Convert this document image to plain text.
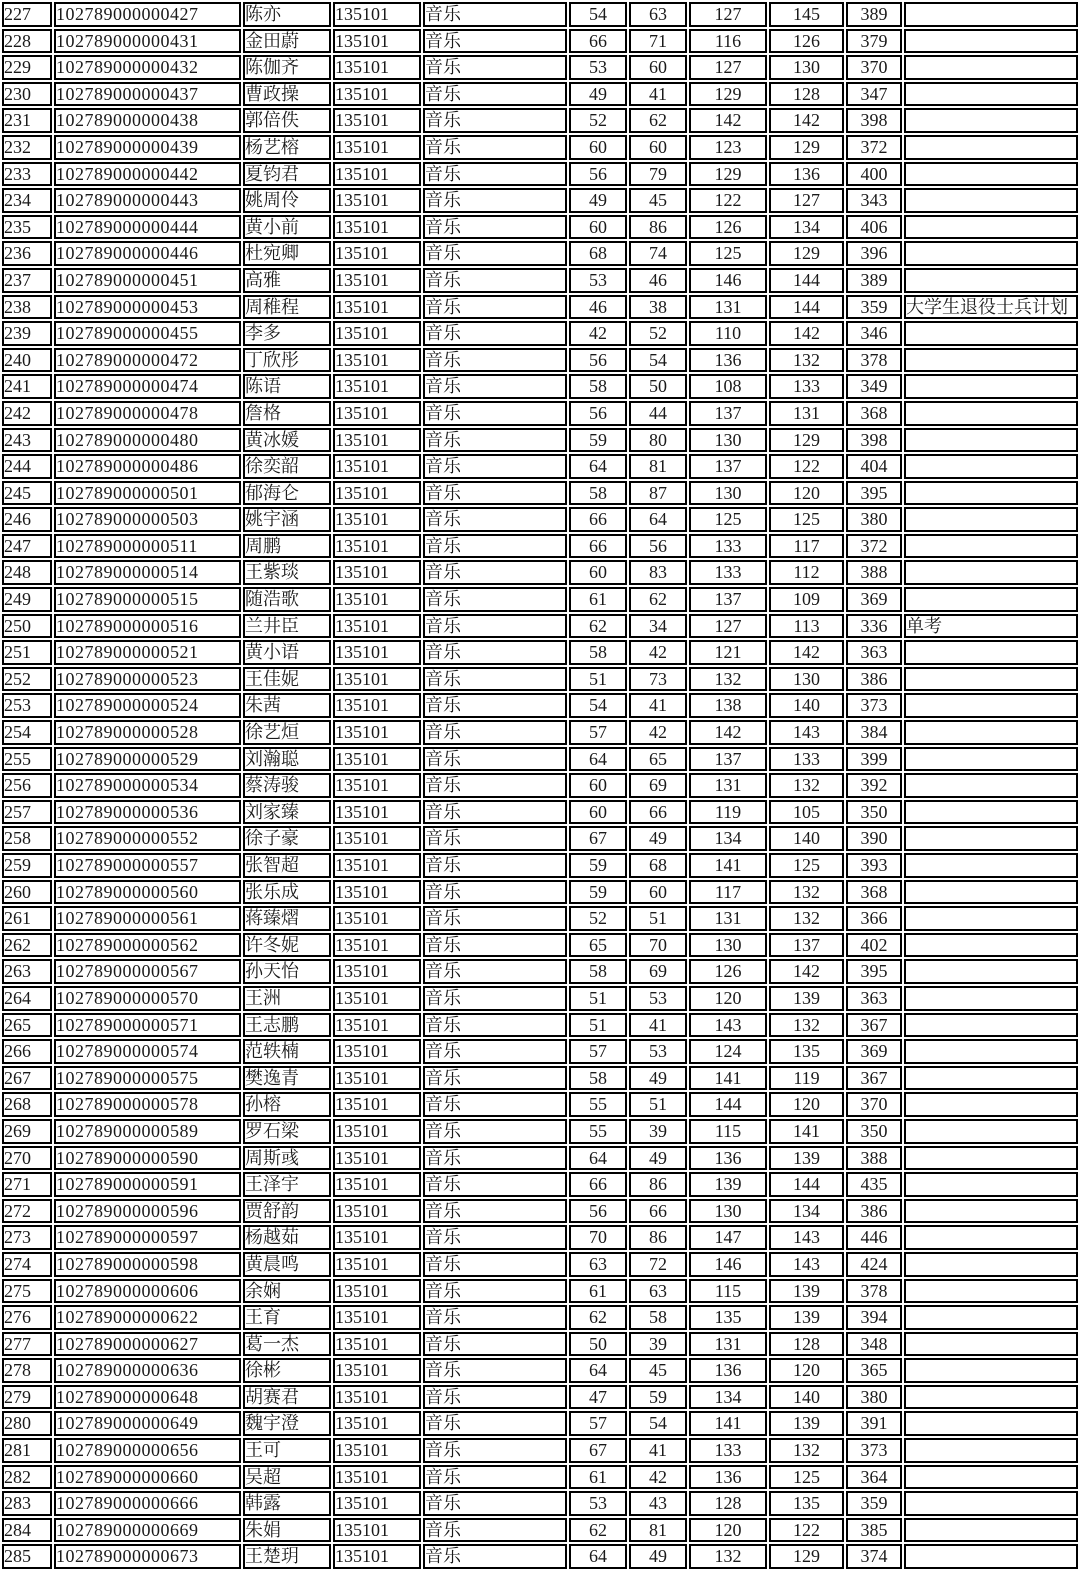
227	102789000000427	陈亦	135101	音乐	54	63	127	145	389	
228	102789000000431	金田蔚	135101	音乐	66	71	116	126	379	
229	102789000000432	陈伽齐	135101	音乐	53	60	127	130	370	
230	102789000000437	曹政操	135101	音乐	49	41	129	128	347	
231	102789000000438	郭倍佚	135101	音乐	52	62	142	142	398	
232	102789000000439	杨艺榕	135101	音乐	60	60	123	129	372	
233	102789000000442	夏钧君	135101	音乐	56	79	129	136	400	
234	102789000000443	姚周伶	135101	音乐	49	45	122	127	343	
235	102789000000444	黄小前	135101	音乐	60	86	126	134	406	
236	102789000000446	杜宛卿	135101	音乐	68	74	125	129	396	
237	102789000000451	高雅	135101	音乐	53	46	146	144	389	
238	102789000000453	周稚程	135101	音乐	46	38	131	144	359	大学生退役士兵计划
239	102789000000455	李多	135101	音乐	42	52	110	142	346	
240	102789000000472	丁欣彤	135101	音乐	56	54	136	132	378	
241	102789000000474	陈语	135101	音乐	58	50	108	133	349	
242	102789000000478	詹格	135101	音乐	56	44	137	131	368	
243	102789000000480	黄冰媛	135101	音乐	59	80	130	129	398	
244	102789000000486	徐奕韶	135101	音乐	64	81	137	122	404	
245	102789000000501	郁海仑	135101	音乐	58	87	130	120	395	
246	102789000000503	姚宇涵	135101	音乐	66	64	125	125	380	
247	102789000000511	周鹏	135101	音乐	66	56	133	117	372	
248	102789000000514	王紫琰	135101	音乐	60	83	133	112	388	
249	102789000000515	随浩歌	135101	音乐	61	62	137	109	369	
250	102789000000516	兰井臣	135101	音乐	62	34	127	113	336	单考
251	102789000000521	黄小语	135101	音乐	58	42	121	142	363	
252	102789000000523	王佳妮	135101	音乐	51	73	132	130	386	
253	102789000000524	朱茜	135101	音乐	54	41	138	140	373	
254	102789000000528	徐艺烜	135101	音乐	57	42	142	143	384	
255	102789000000529	刘瀚聪	135101	音乐	64	65	137	133	399	
256	102789000000534	蔡涛骏	135101	音乐	60	69	131	132	392	
257	102789000000536	刘家臻	135101	音乐	60	66	119	105	350	
258	102789000000552	徐子豪	135101	音乐	67	49	134	140	390	
259	102789000000557	张智超	135101	音乐	59	68	141	125	393	
260	102789000000560	张乐成	135101	音乐	59	60	117	132	368	
261	102789000000561	蒋臻熠	135101	音乐	52	51	131	132	366	
262	102789000000562	许冬妮	135101	音乐	65	70	130	137	402	
263	102789000000567	孙天怡	135101	音乐	58	69	126	142	395	
264	102789000000570	王洲	135101	音乐	51	53	120	139	363	
265	102789000000571	王志鹏	135101	音乐	51	41	143	132	367	
266	102789000000574	范轶楠	135101	音乐	57	53	124	135	369	
267	102789000000575	樊逸青	135101	音乐	58	49	141	119	367	
268	102789000000578	孙榕	135101	音乐	55	51	144	120	370	
269	102789000000589	罗石梁	135101	音乐	55	39	115	141	350	
270	102789000000590	周斯彧	135101	音乐	64	49	136	139	388	
271	102789000000591	王泽宇	135101	音乐	66	86	139	144	435	
272	102789000000596	贾舒韵	135101	音乐	56	66	130	134	386	
273	102789000000597	杨越茹	135101	音乐	70	86	147	143	446	
274	102789000000598	黄晨鸣	135101	音乐	63	72	146	143	424	
275	102789000000606	余娴	135101	音乐	61	63	115	139	378	
276	102789000000622	王育	135101	音乐	62	58	135	139	394	
277	102789000000627	葛一杰	135101	音乐	50	39	131	128	348	
278	102789000000636	徐彬	135101	音乐	64	45	136	120	365	
279	102789000000648	胡赛君	135101	音乐	47	59	134	140	380	
280	102789000000649	魏宇澄	135101	音乐	57	54	141	139	391	
281	102789000000656	王可	135101	音乐	67	41	133	132	373	
282	102789000000660	吴超	135101	音乐	61	42	136	125	364	
283	102789000000666	韩露	135101	音乐	53	43	128	135	359	
284	102789000000669	朱娟	135101	音乐	62	81	120	122	385	
285	102789000000673	王楚玥	135101	音乐	64	49	132	129	374	
